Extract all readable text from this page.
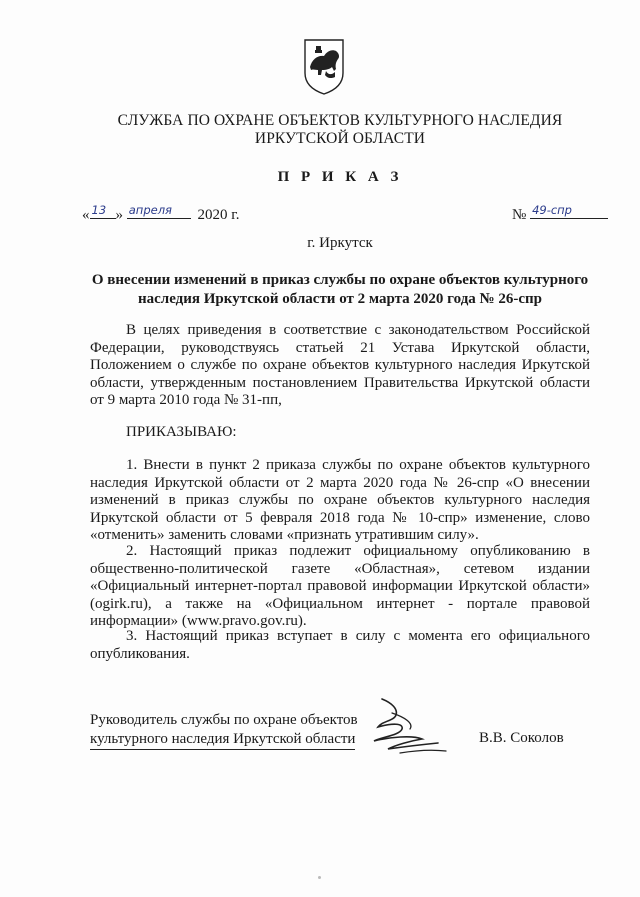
СЛУЖБА ПО ОХРАНЕ ОБЪЕКТОВ КУЛЬТУРНОГО НАСЛЕДИЯ
ИРКУТСКОЙ ОБЛАСТИ
П Р И К А З
« 13 » апреля 2020 г.	№ 49-спр
г. Иркутск
О внесении изменений в приказ службы по охране объектов культурного наследия Иркутской области от 2 марта 2020 года № 26-спр
В целях приведения в соответствие с законодательством Российской Федерации, руководствуясь статьей 21 Устава Иркутской области, Положением о службе по охране объектов культурного наследия Иркутской области, утвержденным постановлением Правительства Иркутской области от 9 марта 2010 года № 31-пп,
ПРИКАЗЫВАЮ:
1. Внести в пункт 2 приказа службы по охране объектов культурного наследия Иркутской области от 2 марта 2020 года № 26-спр «О внесении изменений в приказ службы по охране объектов культурного наследия Иркутской области от 5 февраля 2018 года № 10-спр» изменение, слово «отменить» заменить словами «признать утратившим силу».
2. Настоящий приказ подлежит официальному опубликованию в общественно-политической газете «Областная», сетевом издании «Официальный интернет-портал правовой информации Иркутской области» (ogirk.ru), а также на «Официальном интернет - портале правовой информации» (www.pravo.gov.ru).
3. Настоящий приказ вступает в силу с момента его официального опубликования.
Руководитель службы по охране объектов
культурного наследия Иркутской области	В.В. Соколов
